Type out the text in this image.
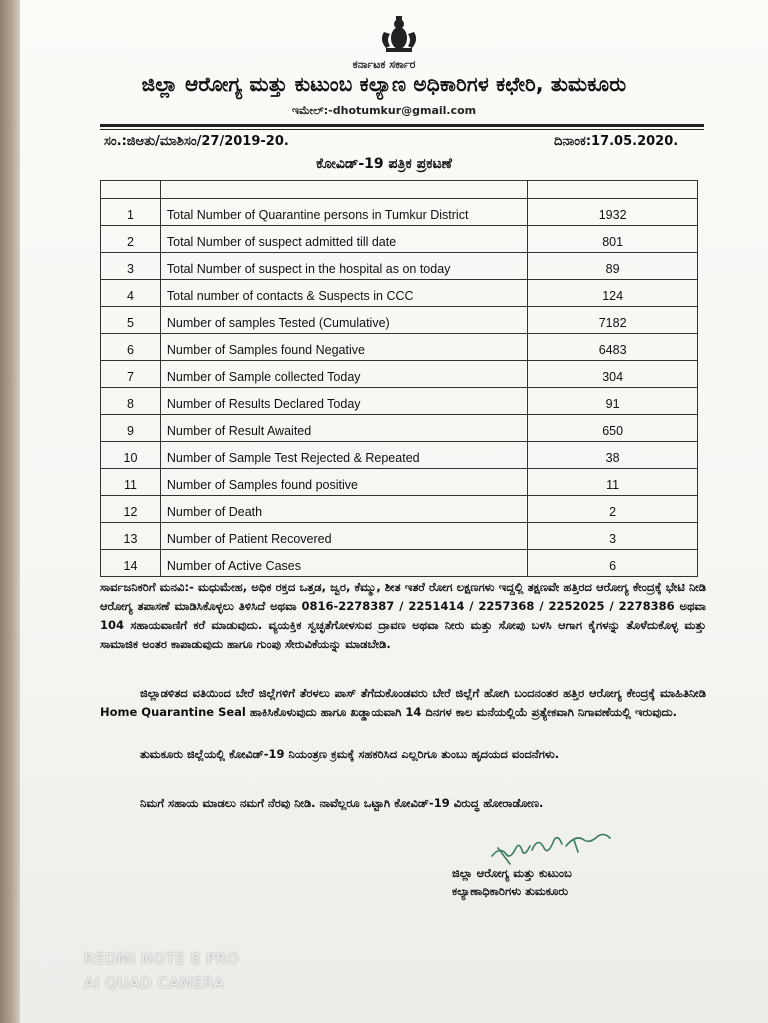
ಕರ್ನಾಟಕ ಸರ್ಕಾರ
ಜಿಲ್ಲಾ ಆರೋಗ್ಯ ಮತ್ತು ಕುಟುಂಬ ಕಲ್ಯಾಣ ಅಧಿಕಾರಿಗಳ ಕಛೇರಿ, ತುಮಕೂರು
ಇಮೇಲ್:-dhotumkur@gmail.com
ಸಂ.:ಜಿಆತು/ಮಾಶಿಸಂ/27/2019-20.	ದಿನಾಂಕ:17.05.2020.
ಕೋವಿಡ್-19 ಪತ್ರಿಕ ಪ್ರಕಟಣೆ

1	Total Number of Quarantine persons in Tumkur District	1932
2	Total Number of suspect admitted till date	801
3	Total Number of suspect in the hospital as on today	89
4	Total number of contacts & Suspects in CCC	124
5	Number of samples Tested (Cumulative)	7182
6	Number of Samples found Negative	6483
7	Number of Sample collected Today	304
8	Number of Results Declared Today	91
9	Number of Result Awaited	650
10	Number of Sample Test Rejected & Repeated	38
11	Number of Samples found positive	11
12	Number of Death	2
13	Number of Patient Recovered	3
14	Number of Active Cases	6
ಸಾರ್ವಜನಿಕರಿಗೆ ಮನವಿ:- ಮಧುಮೇಹ, ಅಧಿಕ ರಕ್ತದ ಒತ್ತಡ, ಜ್ವರ, ಕೆಮ್ಮು, ಶೀತ ಇತರೆ ರೋಗ ಲಕ್ಷಣಗಳು ಇದ್ದಲ್ಲಿ ತಕ್ಷಣವೇ ಹತ್ತಿರದ ಆರೋಗ್ಯ ಕೇಂದ್ರಕ್ಕೆ ಭೇಟಿ ನೀಡಿ ಆರೋಗ್ಯ ತಪಾಸಣೆ ಮಾಡಿಸಿಕೊಳ್ಳಲು ತಿಳಿಸಿದೆ ಅಥವಾ 0816-2278387 / 2251414 / 2257368 / 2252025 / 2278386 ಅಥವಾ 104 ಸಹಾಯವಾಣಿಗೆ ಕರೆ ಮಾಡುವುದು. ವ್ಯಯಕ್ತಿಕ ಸ್ವಚ್ಛತೆಗೋಳಸುವ ದ್ರಾವಣ ಅಥವಾ ನೀರು ಮತ್ತು ಸೋಪು ಬಳಸಿ ಆಗಾಗ ಕೈಗಳನ್ನು ತೊಳೆದುಕೊಳ್ಳ ಮತ್ತು ಸಾಮಾಜಿಕ ಅಂತರ ಕಾಪಾಡುವುದು ಹಾಗೂ ಗುಂಪು ಸೇರುವಿಕೆಯನ್ನು ಮಾಡಬೇಡಿ.
ಜಿಲ್ಲಾಡಳಿತದ ವತಿಯಿಂದ ಬೇರೆ ಜಿಲ್ಲೆಗಳಿಗೆ ತೆರಳಲು ಪಾಸ್ ತೆಗೆದುಕೊಂಡವರು ಬೇರೆ ಜಿಲ್ಲೆಗೆ ಹೋಗಿ ಬಂದನಂತರ ಹತ್ತಿರ ಆರೋಗ್ಯ ಕೇಂದ್ರಕ್ಕೆ ಮಾಹಿತಿನೀಡಿ Home Quarantine Seal ಹಾಕಿಸಿಕೊಳುವುದು ಹಾಗೂ ಖಡ್ಡಾಯವಾಗಿ 14 ದಿನಗಳ ಕಾಲ ಮನೆಯಲ್ಲಿಯೆ ಪ್ರತ್ಯೇಕವಾಗಿ ನಿಗಾವಣೆಯಲ್ಲಿ ಇರುವುದು.
ತುಮಕೂರು ಜಿಲ್ಲೆಯಲ್ಲಿ ಕೋವಿಡ್-19 ನಿಯಂತ್ರಣ ಕ್ರಮಕ್ಕೆ ಸಹಕರಿಸಿದ ಎಲ್ಲರಿಗೂ ತುಂಬು ಹೃದಯದ ವಂದನೆಗಳು.
ನಿಮಗೆ ಸಹಾಯ ಮಾಡಲು ನಮಗೆ ನೆರವು ನೀಡಿ. ನಾವೆಲ್ಲರೂ ಒಟ್ಟಾಗಿ ಕೋವಿಡ್-19 ವಿರುದ್ಧ ಹೋರಾಡೋಣ.
ಜಿಲ್ಲಾ ಆರೋಗ್ಯ ಮತ್ತು ಕುಟುಂಬ
ಕಲ್ಯಾಣಾಧಿಕಾರಿಗಳು ತುಮಕೂರು
REDMI NOTE 8 PRO
AI QUAD CAMERA
